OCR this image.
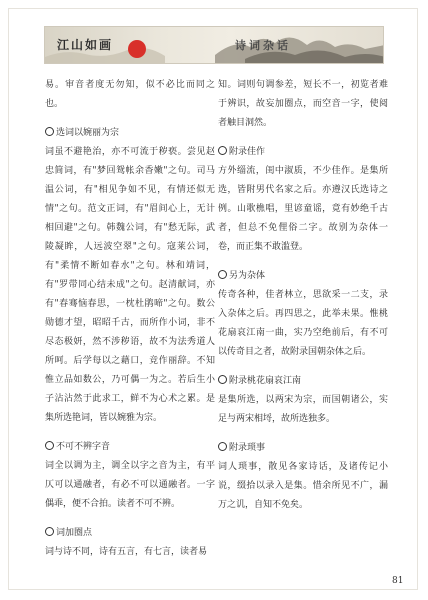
江山如画	诗词杂话

易。审音者度无勿知，似不必比而同之也。

选词以婉丽为宗

词虽不避艳治，亦不可流于秽亵。尝见赵忠简词，有"梦回鸳帐余香嫩"之句。司马温公词，有"相见争如不见，有情还似无情"之句。范文正词，有"眉间心上，无计相回避"之句。韩魏公词，有"愁无际，武陵凝眸，人远波空翠"之句。寇莱公词，有"柔情不断如春水"之句。林和靖词，有"罗带同心结未成"之句。赵清献词，亦有"春骞恼春思，一枕杜鹃啼"之句。数公勋德才望，昭昭千古，而所作小词，非不尽态极妍，然不涉秽语，故不为法秀道人所呵。后学每以之藉口，竞作丽辞。不知惟立品如数公，乃可偶一为之。若后生小子沾沾然于此求工，鲜不为心术之累。是集所选艳词，皆以婉雅为宗。

不可不辨字音

词全以调为主，调全以字之音为主，有平仄可以通融者，有必不可以通融者。一字偶乖，便不合拍。读者不可不辨。

词加圈点

词与诗不同，诗有五言，有七言，读者易

知。词则句调参差，短长不一，初览者难于辨识，故妄加圈点，而空音一字，使阅者触目洞然。

附录佳作

方外缁流，闺中淑质，不少佳作。是集所选，皆附男代名家之后。亦遵汉氏选诗之例。山歌樵唱，里谚童谣，竟有妙绝千古者，但总不免俚俗二字。故别为杂体一卷，而正集不敢滥登。

另为杂体

传奇各种，佳者林立，思欲采一二支，录入杂体之后。再四思之，此举未果。惟桃花扇哀江南一曲，实乃空绝前后，有不可以传奇目之者，故附录国朝杂体之后。

附录桃花扇哀江南

是集所选，以两宋为宗，而国朝诸公，实足与两宋相埒，故所选独多。

附录琐事

词人琐事，散见各家诗话，及诸传记小说，缀拾以录入是集。惜余所见不广，漏万之讥，自知不免矣。

81
